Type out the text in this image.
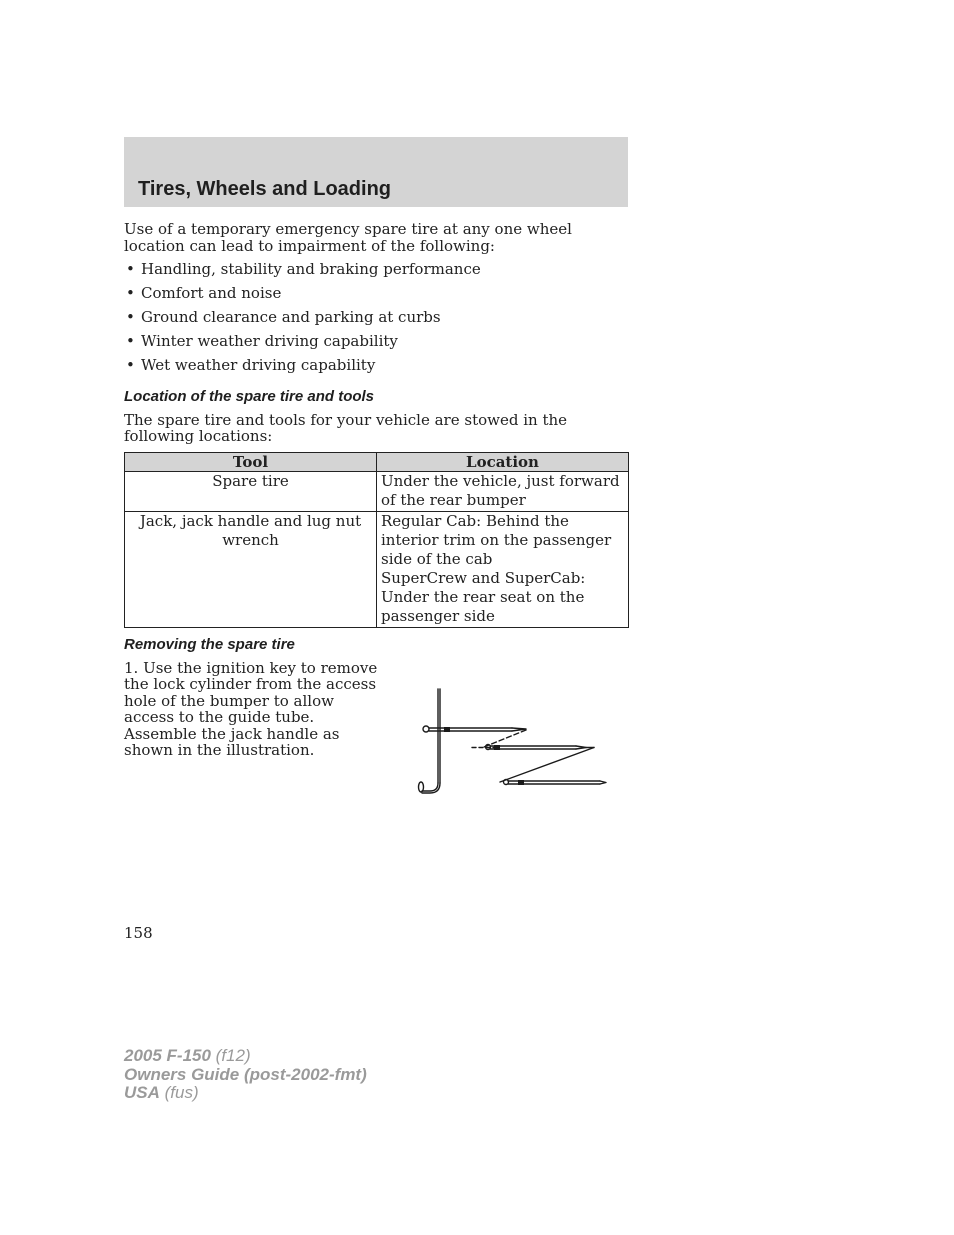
Tires, Wheels and Loading

Use of a temporary emergency spare tire at any one wheel location can lead to impairment of the following:

• Handling, stability and braking performance
• Comfort and noise
• Ground clearance and parking at curbs
• Winter weather driving capability
• Wet weather driving capability
Location of the spare tire and tools

The spare tire and tools for your vehicle are stowed in the following locations:

Tool	Location
Spare tire	Under the vehicle, just forward of the rear bumper

Jack, jack handle and lug nut wrench	Regular Cab: Behind the interior trim on the passenger side of the cab
SuperCrew and SuperCab: Under the rear seat on the passenger side
Removing the spare tire

1. Use the ignition key to remove the lock cylinder from the access hole of the bumper to allow access to the guide tube. Assemble the jack handle as shown in the illustration.

158
2005 F-150 (f12)
Owners Guide (post-2002-fmt)
USA (fus)
